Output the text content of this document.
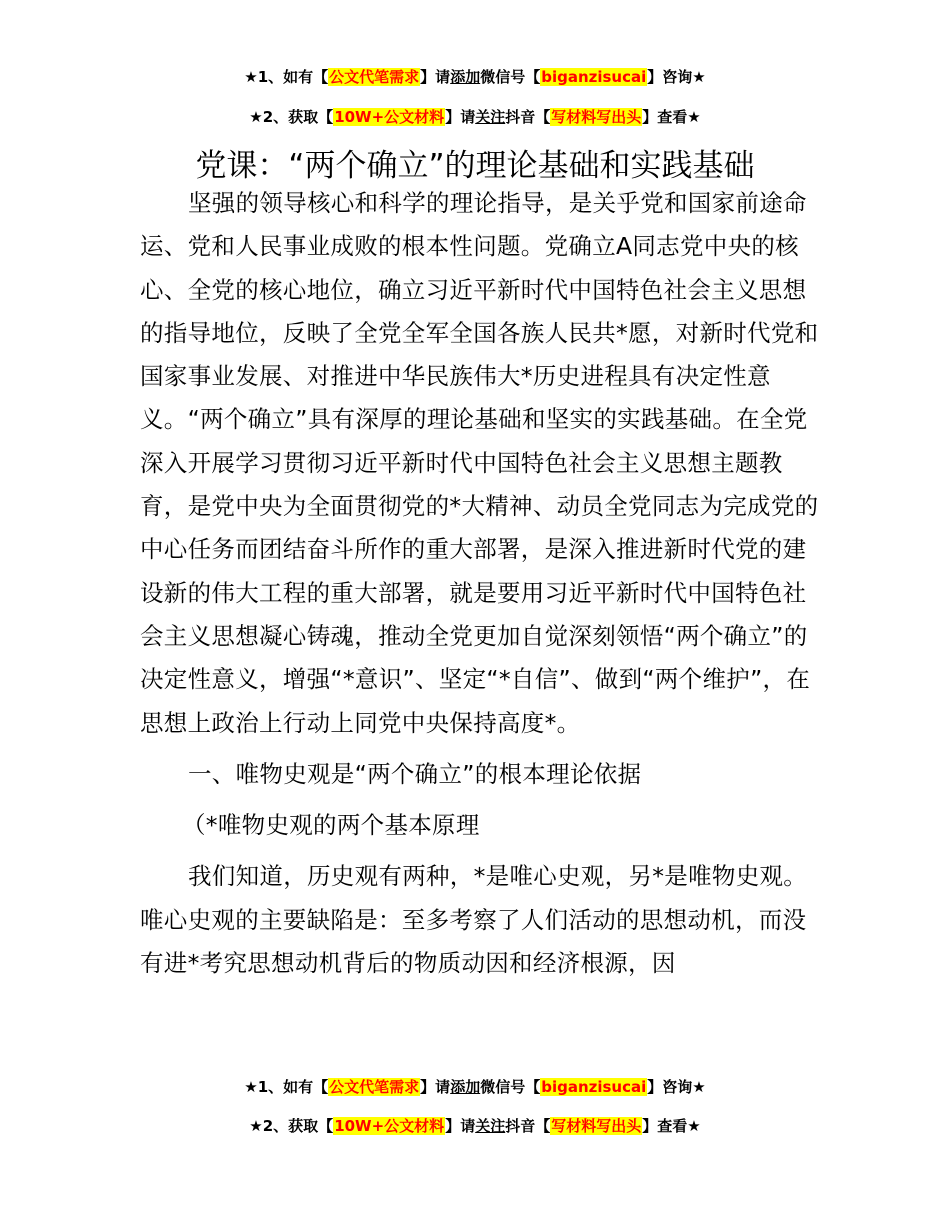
★1、如有【公文代笔需求】请添加微信号【biganzisucai】咨询★
★2、获取【10W+公文材料】请关注抖音【写材料写出头】查看★
党课：“两个确立”的理论基础和实践基础

坚强的领导核心和科学的理论指导，是关乎党和国家前途命运、党和人民事业成败的根本性问题。党确立A同志党中央的核心、全党的核心地位，确立习近平新时代中国特色社会主义思想的指导地位，反映了全党全军全国各族人民共*愿，对新时代党和国家事业发展、对推进中华民族伟大*历史进程具有决定性意义。“两个确立”具有深厚的理论基础和坚实的实践基础。在全党深入开展学习贯彻习近平新时代中国特色社会主义思想主题教育，是党中央为全面贯彻党的*大精神、动员全党同志为完成党的中心任务而团结奋斗所作的重大部署，是深入推进新时代党的建设新的伟大工程的重大部署，就是要用习近平新时代中国特色社会主义思想凝心铸魂，推动全党更加自觉深刻领悟“两个确立”的决定性意义，增强“*意识”、坚定“*自信”、做到“两个维护”，在思想上政治上行动上同党中央保持高度*。

一、唯物史观是“两个确立”的根本理论依据

（*唯物史观的两个基本原理

我们知道，历史观有两种，*是唯心史观，另*是唯物史观。唯心史观的主要缺陷是：至多考察了人们活动的思想动机，而没有进*考究思想动机背后的物质动因和经济根源，因

★1、如有【公文代笔需求】请添加微信号【biganzisucai】咨询★
★2、获取【10W+公文材料】请关注抖音【写材料写出头】查看★
